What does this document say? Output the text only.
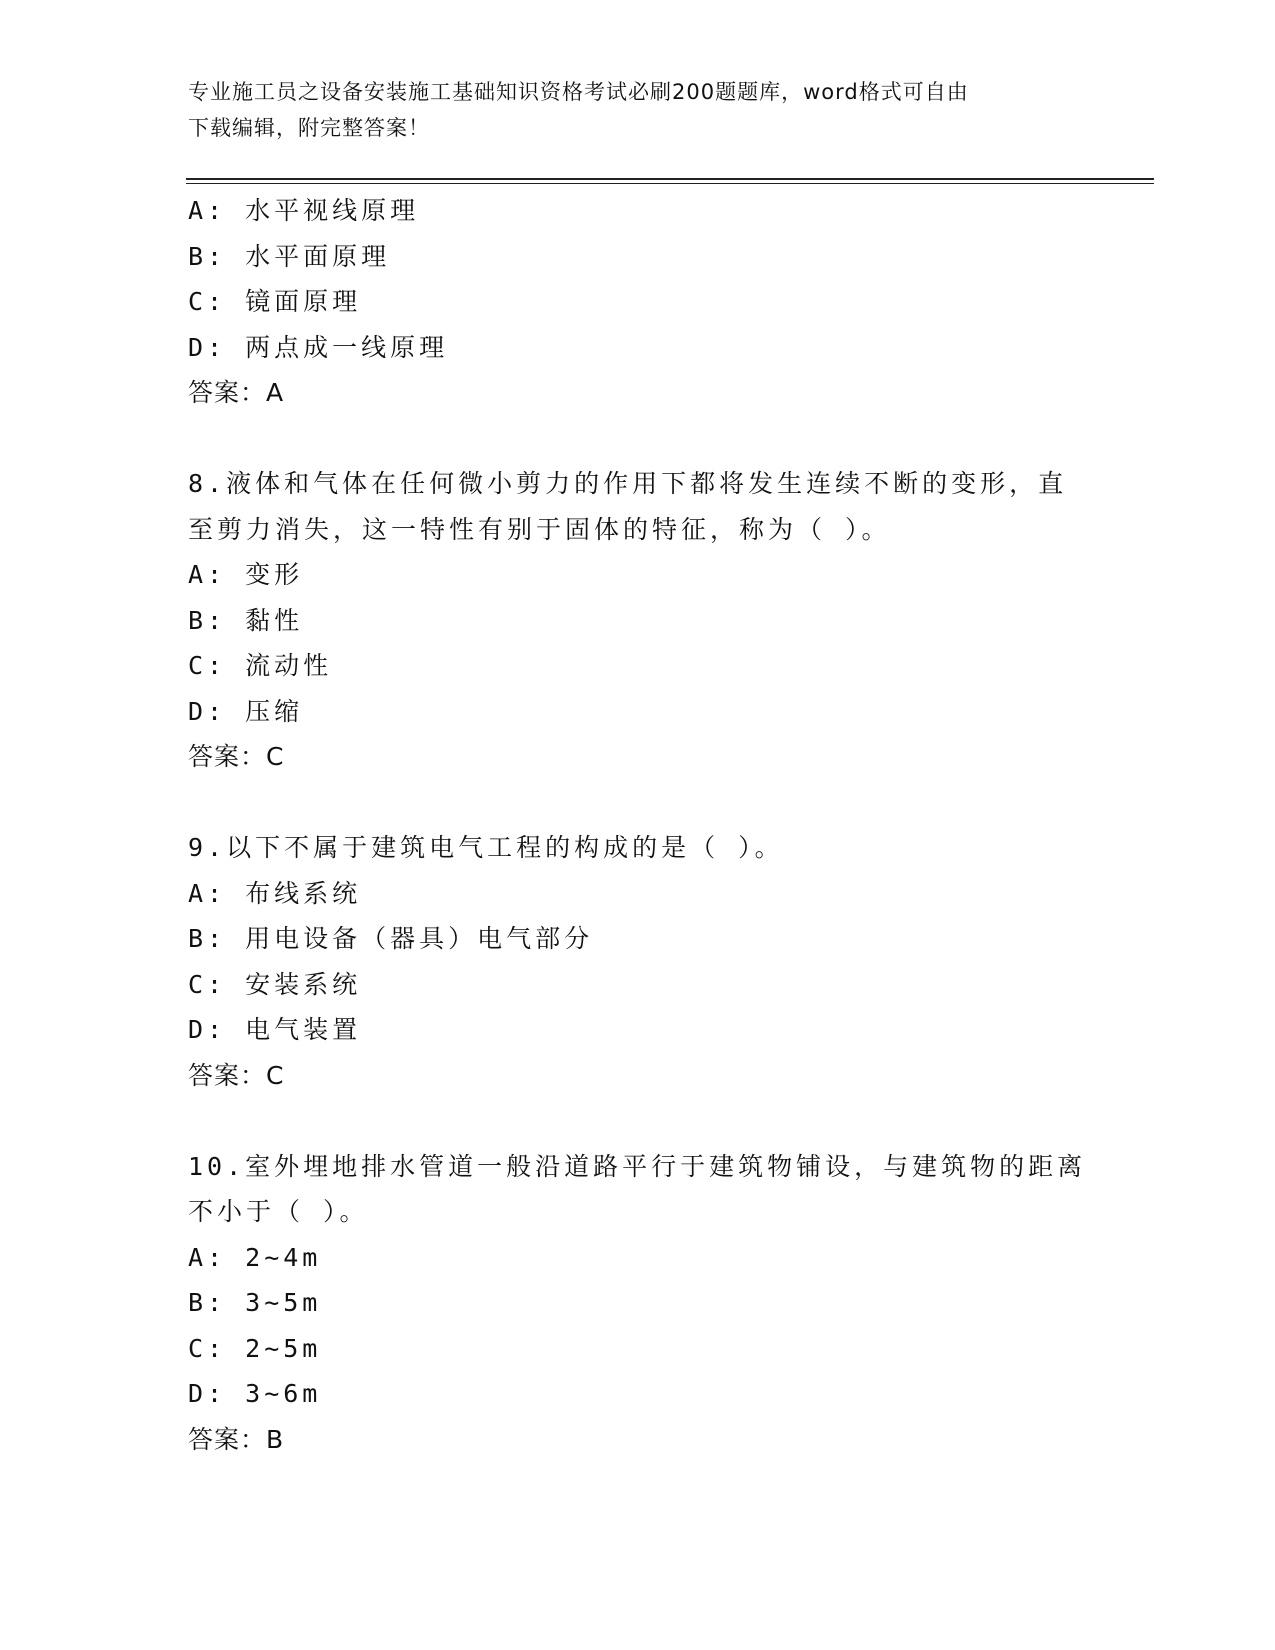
专业施工员之设备安装施工基础知识资格考试必刷200题题库，word格式可自由
下载编辑，附完整答案！
A: 水平视线原理
B: 水平面原理
C: 镜面原理
D: 两点成一线原理
答案：A
8.液体和气体在任何微小剪力的作用下都将发生连续不断的变形，直
至剪力消失，这一特性有别于固体的特征，称为（ ）。
A: 变形
B: 黏性
C: 流动性
D: 压缩
答案：C
9.以下不属于建筑电气工程的构成的是（ ）。
A: 布线系统
B: 用电设备（器具）电气部分
C: 安装系统
D: 电气装置
答案：C
10.室外埋地排水管道一般沿道路平行于建筑物铺设，与建筑物的距离
不小于（ ）。
A: 2~4m
B: 3~5m
C: 2~5m
D: 3~6m
答案：B
